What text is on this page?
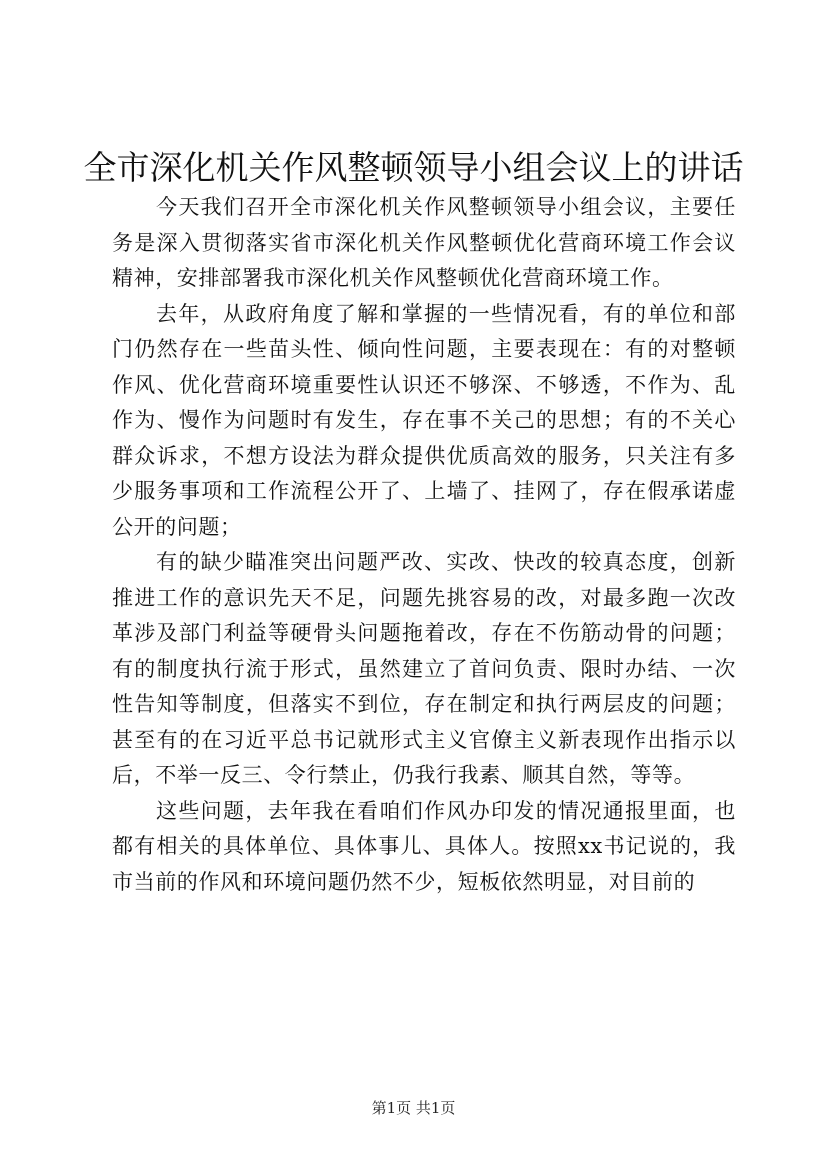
全市深化机关作风整顿领导小组会议上的讲话

今天我们召开全市深化机关作风整顿领导小组会议，主要任务是深入贯彻落实省市深化机关作风整顿优化营商环境工作会议精神，安排部署我市深化机关作风整顿优化营商环境工作。

去年，从政府角度了解和掌握的一些情况看，有的单位和部门仍然存在一些苗头性、倾向性问题，主要表现在：有的对整顿作风、优化营商环境重要性认识还不够深、不够透，不作为、乱作为、慢作为问题时有发生，存在事不关己的思想；有的不关心群众诉求，不想方设法为群众提供优质高效的服务，只关注有多少服务事项和工作流程公开了、上墙了、挂网了，存在假承诺虚公开的问题；

有的缺少瞄准突出问题严改、实改、快改的较真态度，创新推进工作的意识先天不足，问题先挑容易的改，对最多跑一次改革涉及部门利益等硬骨头问题拖着改，存在不伤筋动骨的问题；有的制度执行流于形式，虽然建立了首问负责、限时办结、一次性告知等制度，但落实不到位，存在制定和执行两层皮的问题；甚至有的在习近平总书记就形式主义官僚主义新表现作出指示以后，不举一反三、令行禁止，仍我行我素、顺其自然，等等。

这些问题，去年我在看咱们作风办印发的情况通报里面，也都有相关的具体单位、具体事儿、具体人。按照xx书记说的，我市当前的作风和环境问题仍然不少，短板依然明显，对目前的

第1页 共1页
